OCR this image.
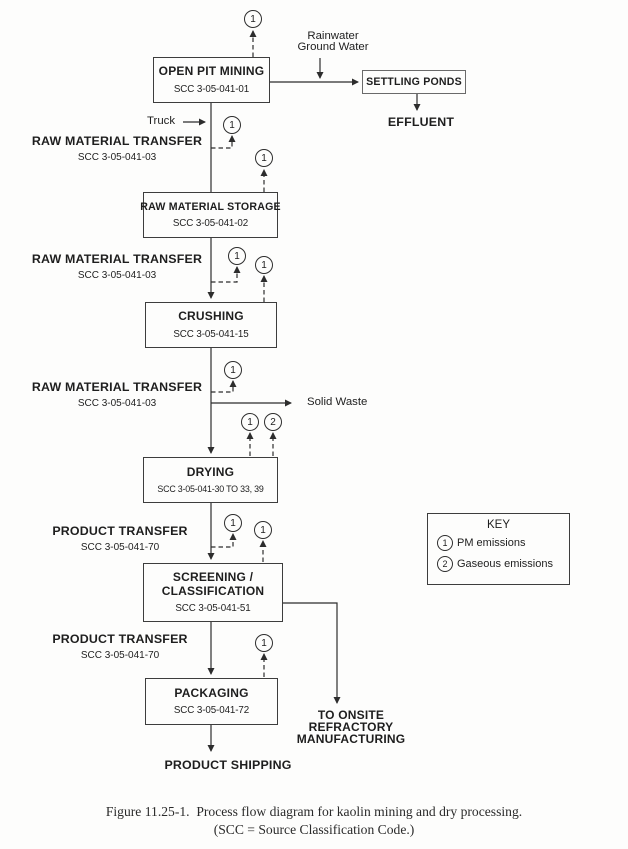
OPEN PIT MINING
SCC 3-05-041-01
SETTLING PONDS
RAW MATERIAL STORAGE
SCC 3-05-041-02
CRUSHING
SCC 3-05-041-15
DRYING
SCC 3-05-041-30 TO 33, 39
SCREENING /
CLASSIFICATION
SCC 3-05-041-51
PACKAGING
SCC 3-05-041-72
1
1
1
1
1
1
1	2
1
1
1
RAW MATERIAL TRANSFER
SCC 3-05-041-03
RAW MATERIAL TRANSFER
SCC 3-05-041-03
RAW MATERIAL TRANSFER
SCC 3-05-041-03
PRODUCT TRANSFER
SCC 3-05-041-70
PRODUCT TRANSFER
SCC 3-05-041-70
Rainwater
Ground Water
Truck	EFFLUENT
Solid Waste
PRODUCT SHIPPING
TO ONSITE
REFRACTORY
MANUFACTURING
KEY
1 PM emissions
2 Gaseous emissions
Figure 11.25-1.  Process flow diagram for kaolin mining and dry processing.
(SCC = Source Classification Code.)
